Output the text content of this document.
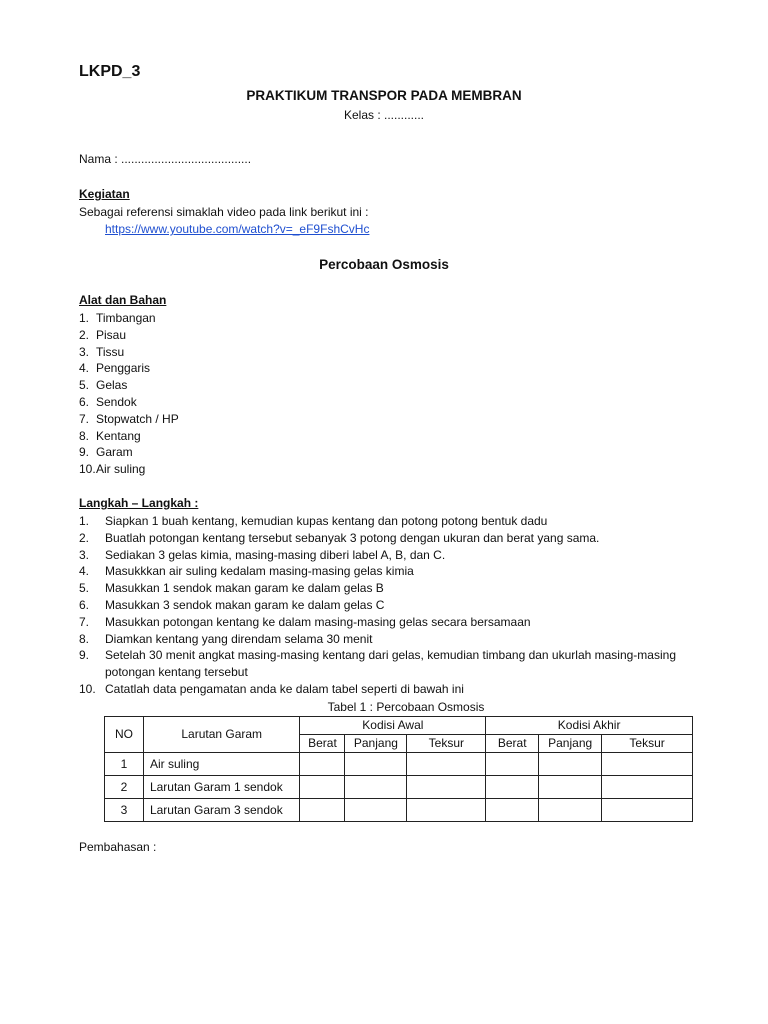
LKPD_3
PRAKTIKUM TRANSPOR PADA MEMBRAN
Kelas : ............
Nama : .......................................
Kegiatan
Sebagai referensi simaklah video pada link berikut ini :
https://www.youtube.com/watch?v=_eF9FshCvHc
Percobaan Osmosis
Alat dan Bahan
1. Timbangan
2. Pisau
3. Tissu
4. Penggaris
5. Gelas
6. Sendok
7. Stopwatch / HP
8. Kentang
9. Garam
10.Air suling
Langkah – Langkah :
1. Siapkan 1 buah kentang, kemudian kupas kentang dan potong potong bentuk dadu
2. Buatlah potongan kentang tersebut sebanyak 3 potong dengan ukuran dan berat yang sama.
3. Sediakan 3 gelas kimia, masing-masing diberi label A, B, dan C.
4. Masukkkan air suling kedalam masing-masing gelas kimia
5. Masukkan 1 sendok makan garam ke dalam gelas B
6. Masukkan 3 sendok makan garam ke dalam gelas C
7. Masukkan potongan kentang ke dalam masing-masing gelas secara bersamaan
8. Diamkan kentang yang direndam selama 30 menit
9. Setelah 30 menit angkat masing-masing kentang dari gelas, kemudian timbang dan ukurlah masing-masing potongan kentang tersebut
10. Catatlah data pengamatan anda ke dalam tabel seperti di bawah ini
Tabel 1 : Percobaan Osmosis
NO	Larutan Garam	Kodisi Awal			Kodisi Akhir		
		Berat	Panjang	Teksur	Berat	Panjang	Teksur
1	Air suling						
2	Larutan Garam 1 sendok						
3	Larutan Garam 3 sendok						
Pembahasan :
